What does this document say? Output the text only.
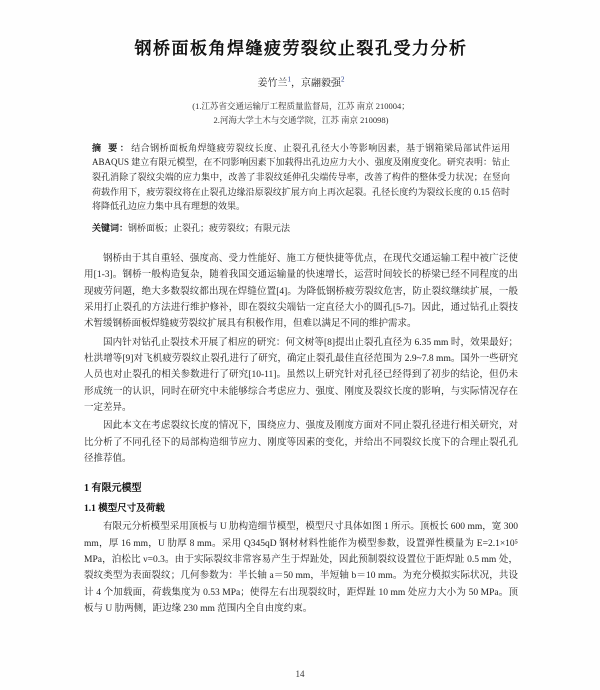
钢桥面板角焊缝疲劳裂纹止裂孔受力分析
姜竹兰$^1$，京翮毅强$^2$
(1.江苏省交通运输厅工程质量监督局，江苏 南京 210004；
2.河海大学土木与交通学院，江苏 南京 210098)
摘 要：结合钢桥面板角焊缝疲劳裂纹长度、止裂孔孔径大小等影响因素，基于钢箱梁局部试件运用 ABAQUS 建立有限元模型，在不同影响因素下加载得出孔边应力大小、强度及刚度变化。研究表明：钻止裂孔消除了裂纹尖端的应力集中，改善了非裂纹延伸孔尖端传导率，改善了构件的整体受力状况；在竖向荷载作用下，疲劳裂纹将在止裂孔边缘沿原裂纹扩展方向上再次起裂。孔径长度约为裂纹长度的 0.15 倍时将降低孔边应力集中具有理想的效果。
关键词：钢桥面板；止裂孔；疲劳裂纹；有限元法

钢桥由于其自重轻、强度高、受力性能好、施工方便快捷等优点，在现代交通运输工程中被广泛使用[1-3]。钢桥一般构造复杂，随着我国交通运输量的快速增长，运营时间较长的桥梁已经不同程度的出现疲劳问题，绝大多数裂纹都出现在焊缝位置[4]。为降低钢桥疲劳裂纹危害，防止裂纹继续扩展，一般采用打止裂孔的方法进行维护修补，即在裂纹尖端钻一定直径大小的圆孔[5-7]。因此，通过钻孔止裂技术暂缓钢桥面板焊缝疲劳裂纹扩展具有积极作用，但难以满足不同的维护需求。

国内针对钻孔止裂技术开展了相应的研究：何文树等[8]提出止裂孔直径为 6.35 mm 时，效果最好；杜洪增等[9]对飞机疲劳裂纹止裂孔进行了研究，确定止裂孔最佳直径范围为 2.9~7.8 mm。国外一些研究人员也对止裂孔的相关参数进行了研究[10-11]。虽然以上研究针对孔径已经得到了初步的结论，但仍未形成统一的认识，同时在研究中未能够综合考虑应力、强度、刚度及裂纹长度的影响，与实际情况存在一定差异。

因此本文在考虑裂纹长度的情况下，围绕应力、强度及刚度方面对不同止裂孔径进行相关研究，对比分析了不同孔径下的局部构造细节应力、刚度等因素的变化，并给出不同裂纹长度下的合理止裂孔孔径推荐值。

1 有限元模型
1.1 模型尺寸及荷载

有限元分析模型采用顶板与 U 肋构造细节模型，模型尺寸具体如图 1 所示。顶板长 600 mm，宽 300 mm，厚 16 mm，U 肋厚 8 mm。采用 Q345qD 钢材材料性能作为模型参数，设置弹性模量为 E=2.1×10⁵ MPa，泊松比 ν=0.3。由于实际裂纹非常容易产生于焊趾处，因此预制裂纹设置位于距焊趾 0.5 mm 处，裂纹类型为表面裂纹；几何参数为：半长轴 a＝50 mm，半短轴 b＝10 mm。为充分模拟实际状况，共设计 4 个加载面，荷载集度为 0.53 MPa；使得左右出现裂纹时，距焊趾 10 mm 处应力大小为 50 MPa。顶板与 U 肋两侧，距边缘 230 mm 范围内全自由度约束。

14
